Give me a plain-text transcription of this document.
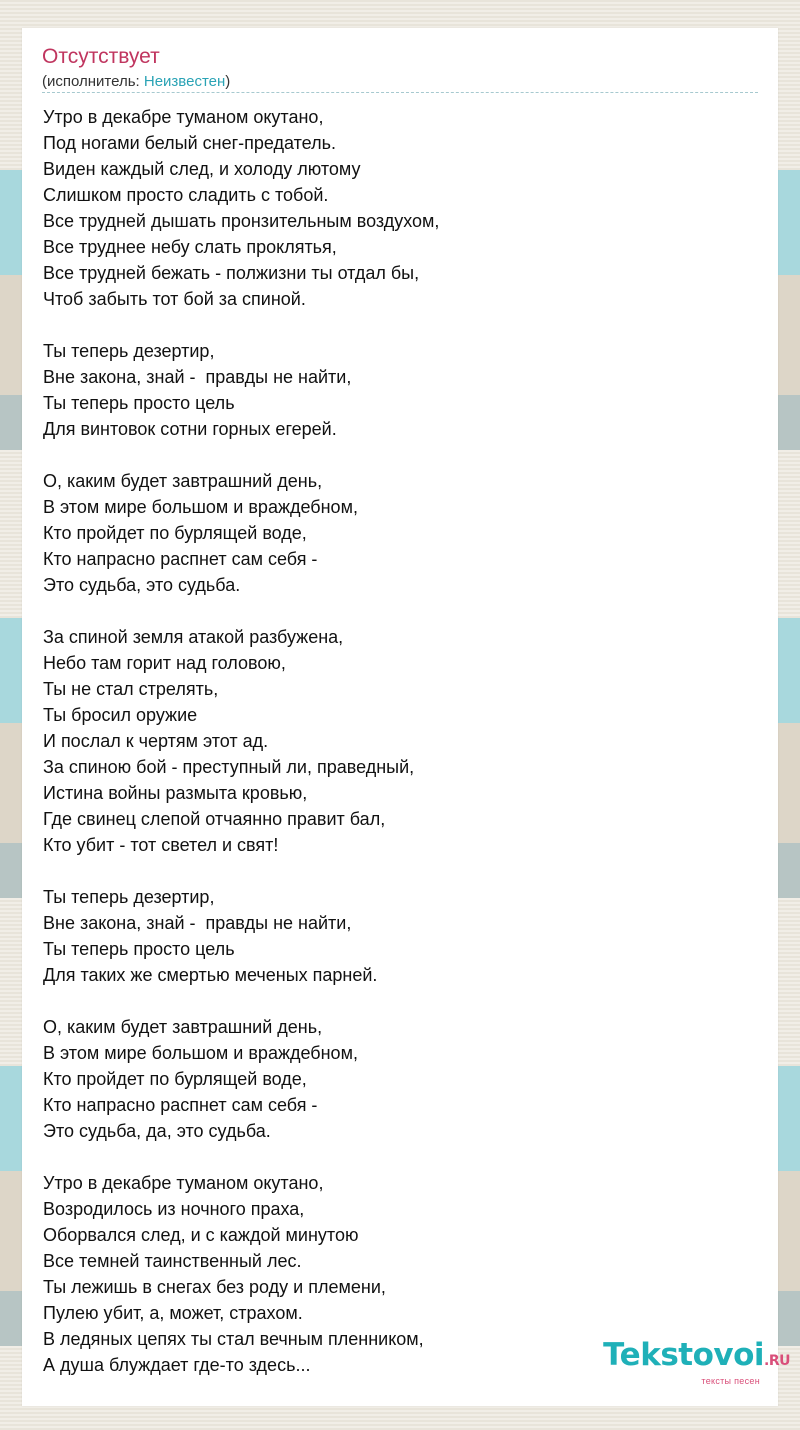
Отсутствует
(исполнитель: Неизвестен)
Утро в декабре туманом окутано,
Под ногами белый снег-предатель.
Виден каждый след, и холоду лютому
Слишком просто сладить с тобой.
Все трудней дышать пронзительным воздухом,
Все труднее небу слать проклятья,
Все трудней бежать - полжизни ты отдал бы,
Чтоб забыть тот бой за спиной.
Ты теперь дезертир,
Вне закона, знай -  правды не найти,
Ты теперь просто цель
Для винтовок сотни горных егерей.
О, каким будет завтрашний день,
В этом мире большом и враждебном,
Кто пройдет по бурлящей воде,
Кто напрасно распнет сам себя -
Это судьба, это судьба.
За спиной земля атакой разбужена,
Небо там горит над головою,
Ты не стал стрелять,
Ты бросил оружие
И послал к чертям этот ад.
За спиною бой - преступный ли, праведный,
Истина войны размыта кровью,
Где свинец слепой отчаянно правит бал,
Кто убит - тот светел и свят!
Ты теперь дезертир,
Вне закона, знай -  правды не найти,
Ты теперь просто цель
Для таких же смертью меченых парней.
О, каким будет завтрашний день,
В этом мире большом и враждебном,
Кто пройдет по бурлящей воде,
Кто напрасно распнет сам себя -
Это судьба, да, это судьба.
Утро в декабре туманом окутано,
Возродилось из ночного праха,
Оборвался след, и с каждой минутою
Все темней таинственный лес.
Ты лежишь в снегах без роду и племени,
Пулею убит, а, может, страхом.
В ледяных цепях ты стал вечным пленником,
А душа блуждает где-то здесь...	Tekstovoi.RU
тексты песен
